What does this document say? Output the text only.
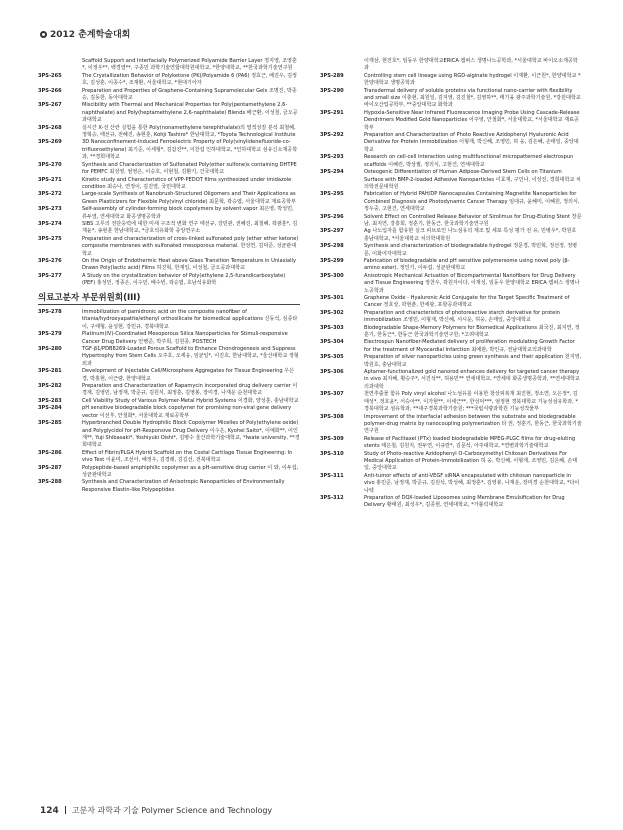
2012 춘계학술대회
Scaffold Support and Interfacially Polymerized Polyamide Barrier Layer 정지영, 조영훈*, 이정우**, 백경열**, 구종민 과학기술연합대학원대학교, *한양대학교, **한국과학기술연구원
3PS-265	The Crystallization Behavior of Polyketone (PK)/Polyamide 6 (PA6) 정효근, 배진우, 김정호, 김성훈, 이종수*, 조재환, 서울대학교, *현대기아자
3PS-266	Preparation and Properties of Graphene-Containing Supramolecular Gels 조명진, 박종승, 김동한, 동아대학교
3PS-267	Miscibility with Thermal and Mechanical Properties for Poly(pentamethylene 2,6-naphthalate) and Poly(heptamethylene 2,6-naphthalate) Blends 배근환, 이성철, 금오공과대학교
3PS-268	실시간 X-선 산란 실험을 통한 Poly(nonamethylene terephthalate)의 열적성질 분석 최철혜, 정혁승, 태선규, 전혜진, 송현훈, Kohji Tashiro* 한남대학교, *Toyota Technological Institute
3PS-269	3D Nanoconfinement-Induced Ferroelectric Property of Poly(vinylidenefluoride-co-trifluoroethylene) 최기준, 이세형*, 김갑진**, 이찬섭 인하대학교, *인하대학교 섬유신소재공학과, **경희대학교
3PS-270	Synthesis and Characterization of Sulfonated Poly(ether sulfone)s containing DHTPE for PEMFC 최성영, 엄영은, 이승호, 이현철, 김환기, 건국대학교
3PS-271	Kinetic study and Characteristics of VPP-PEDOT films synthesized under imidazole condition 최승나, 연정이, 김진열, 국민대학교
3PS-272	Large-scale Synthesis of Nanobrush-Structured Oligomers and Their Applications as Green Plasticizers for Flexible Poly(vinyl chloride) 최문혁, 곽승엽, 서울대학교 재료공학부
3PS-273	Self-assembly of cylinder-forming block copolymers by solvent vapor 최은영, 박성민, 류두열, 연세대학교 화공생명공학과
3PS-274	SIBS 고무의 전단응력에 대한 미세 구조적 변화 연구 태선규, 강민관, 전혜진, 최철혜, 곽광훈*, 김재윤*, 송현훈 한남대학교, *금호석유화학 중앙연구소
3PS-275	Preparation and characterization of cross-linked sulfonated poly (ether ether ketone) composite membranes with sulfonated mesoporous material. 한성연, 김덕준, 성균관대학교
3PS-276	On the Origin of Endothermic Heat above Glass Transition Temperature in Uniaxially Drawn Poly(lactic acid) Films 허진혁, 한재일, 이성철, 금오공과대학교
3PS-277	A Study on the crystallization behavior of Poly(ethylene 2,5-furandicarboxylate) (PEF) 홍성민, 정종은, 이수민, 배수빈, 곽승엽, 호남석유화학
의료고분자 부문위원회(III)
3PS-278	Immobilization of pamidronic acid on the composite nanofiber of titania/hydroxyapatite/ethenyl orthosilicate for biomedical applications 신동석, 심종타이, 구태형, 윤성현, 강민규, 경북대학교
3PS-279	Platinum(IV)-Coordinated Mesoporous Silica Nanoparticles for Stimuli-responsive Cancer Drug Delivery 안병준, 박주희, 김원종, POSTECH
3PS-280	TGF-β1/PDB8269-Loaded Porous Scaffold to Enhance Chondrogenesis and Suppress Hypertrophy from Stem Cells 오주호, 오세웅, 임균일*, 이진호, 한남대학교, *울산대학교 정형외과
3PS-281	Development of Injectable Cell/Microsphere Aggregates for Tissue Engineering 우은경, 박홍현, 이근량, 한양대학교
3PS-282	Preparation and Characterization of Rapamycin incorporated drug delivery carrier 이경재, 김영민, 남정재, 박준규, 김원식, 최정훈, 김영봉, 장미경, 나재운 순천대학교
3PS-283	Cell Viability Study of Various Polymer-Metal Hybrid Systems 이경화, 양성훈, 충남대학교
3PS-284	pH sensitive biodegradable block copolymer for promising non-viral gene delivery vector 이선후, 안철화*, 서울대학교 재료공학부
3PS-285	Hyperbranched Double Hydrophilic Block Copolymer Micelles of Poly(ethylene oxide) and Polyglycidol for pH-Responsive Drug Delivery 이수은, Kyohei Saito*, 이예화**, 이인재**, Yuji Shibasaki*, Yoshiyuki Oishi*, 김병수 울산과학기술대학교, *Iwate university, **경희대학교
3PS-286	Effect of Fibrin/PLGA Hybrid Scaffold on the Costal Cartilage Tissue Engineering: In vivo Test 이윤미, 조선아, 배정우, 김경래, 김길선, 전북대학교
3PS-287	Polypeptide-based amphiphilic copolymer as a pH-sensitive drug carrier 이 와, 이두섭, 성균관대학교
3PS-288	Synthesis and Characterization of Anisotropic Nanoparticles of Environmentally Responsive Elastin-like Polypeptides
이재삼, 현진호*, 임동우 한양대학교ERICA 캠퍼스 생명나노공학과, *서울대학교 바이오소재공학과
3PS-289	Controlling stem cell lineage using RGD-alginate hydrogel 이재환, 이근원*, 한양대학교 *한양대학교 생명공학과
3PS-290	Transdermal delivery of soluble proteins via functional nano-carrier with flexibility and small size 이충현, 최원일, 김지영, 김진철*, 김영하**, 태기융 광주과학기술원, *강원대학교 바이오산업공학부, **중앙대학교 화학과
3PS-291	Hypoxia-Sensitive Near Infrared Fluorescence Imaging Probe Using Cascade-Release Dendrimers Modified Gold Nanoparticles 이주영, 안철화*, 서울대학교, *서울대학교 재료공학부
3PS-292	Preparation and Characterization of Photo Reactive Azidophenyl Hyaluronic Acid Derivative for Protein Immobilization 이형재, 박신혜, 조영민, 허 웅, 김은혜, 손태일, 중앙대학교
3PS-293	Research on cell-cell interaction using multifunctional micropatterned electrospun scaffolds 이혜린, 박상필, 정의식, 고현건, 연세대학교
3PS-294	Osteogenic Differentiation of Human Adipose-Derived Stem Cells on Titanium Surface with BMP-2-loaded Adhesive Nanoparticles 이효재, 구인나, 이상진, 경희대학교 치의학전문대학원
3PS-295	Fabrication of Hybrid PAH/DP Nanocapsules Containing Magnetite Nanoparticles for Combined Diagnosis and Photodynamic Cancer Therapy 임대규, 윤혜미, 이혜원, 정의식, 정우중, 고현건, 연세대학교
3PS-296	Solvent Effect on Controlled Release Behavior of Sirolimus for Drug-Eluting Stent 장문남, 최지연, 강흥희, 정훈기, 한동근, 한국과학기술연구원
3PS-297	Ag 나노입자를 함유한 실크 피브로인 나노섬유의 제조 및 세포 특성 평가 전 유, 민병우*, 박원호 충남대학교, *서울대학교 치의학대학원
3PS-298	Synthesis and characterization of biodegradable hydrogel 정문경, 박민혁, 정선정, 정병문, 이화여자대학교
3PS-299	Fabrication of biodegradable and pH sensitive polymersome using novel poly (β-amino ester). 정인기, 이두섭, 성균관대학교
3PS-300	Anisotropic Mechanical Actuation of Bicompartmental Nanofibers for Drug Delivery and Tissue Engineering 정찬우, 곽원자이다, 이재성, 임동우 한양대학교 ERICA 캠퍼스 생명나노공학과
3PS-301	Graphene Oxide - Hyaluronic Acid Conjugate for the Target Specific Treatment of Cancer 정호상, 곽현춘, 한세광, 포항공과대학교
3PS-302	Preparation and characteristics of photoreactive starch derivative for protein immobilization 조영민, 이형재, 박신혜, 서시운, 허웅, 손태일, 중앙대학교
3PS-303	Biodegradable Shape-Memory Polymers for Biomedical Applications 최국진, 최지연, 정훈기, 한동근*, 한동근 한국과학기술연구원; *고려대학교
3PS-304	Electrospun Nanofiber-Mediated delivery of proliferation modulating Growth Factor for the treatment of Myocardial Infarction 최예관, 박인규, 전남대학교의과대학
3PS-305	Preparation of silver nanoparticles using green synthesis and their application 천지영, 박원호, 충남대학교
3PS-306	Aptamer-functionalized gold nanorod enhances delivery for targeted cancer therapy in vivo 최지혜, 황승주*, 서진석**, 허용민** 연세대학교, *연세대 화공생명공학과, **연세대학교 의과대학
3PS-307	천연추출물 함유 Poly vinyl alcohol 나노섬유를 이용한 창상피복재 최진현, 정소연, 오은정*, 김태성*, 정호윤*, 서승아**, 이가현**, 이세근**, 한성덕***, 엄정현 경북대학교 기능성섬유학과, *경북대학교 섬유학과, **대구경북과학기술원; ***국립식량과학원 기능성작물부
3PS-308	Improvement of the interfacial adhesion between the substrate and biodegradable polymer-drug matrix by nanocoupling polymerization 타 권, 정훈기, 한동근, 한국과학기술연구원
3PS-309	Release of Paclitaxel (PTx) loaded biodegradable MPEG-PLGC films for drug-eluting stents 태은철, 김원지, 권두연, 이규란*, 김문석, 아주대학교, *연변과학기술대학교
3PS-310	Study of Photo-reactive Azidophenyl O-Carboxymethyl Chitosan Derivatives For Medical Application of Protein-Immobilization 허 웅, 박신혜, 이형재, 조영민, 김은혜, 손태일, 중앙대학교
3PS-311	Anti-tumor effects of anti-VEGF siRNA encapsulated with chitosan nanoparticle in vivo 홍민준, 남정재, 박준규, 김원석, 박성혜, 최정훈*, 김영봉, 나재운, 장미경 순천대학교, *다이나텍
3PS-312	Preparation of DOX-loaded Liposomes using Membrane Emulsification for Drug Delivery 황태원, 최성우*, 김종현, 연세대학교, *가톨릭대학교
124 고분자 과학과 기술 Polymer Science and Technology
